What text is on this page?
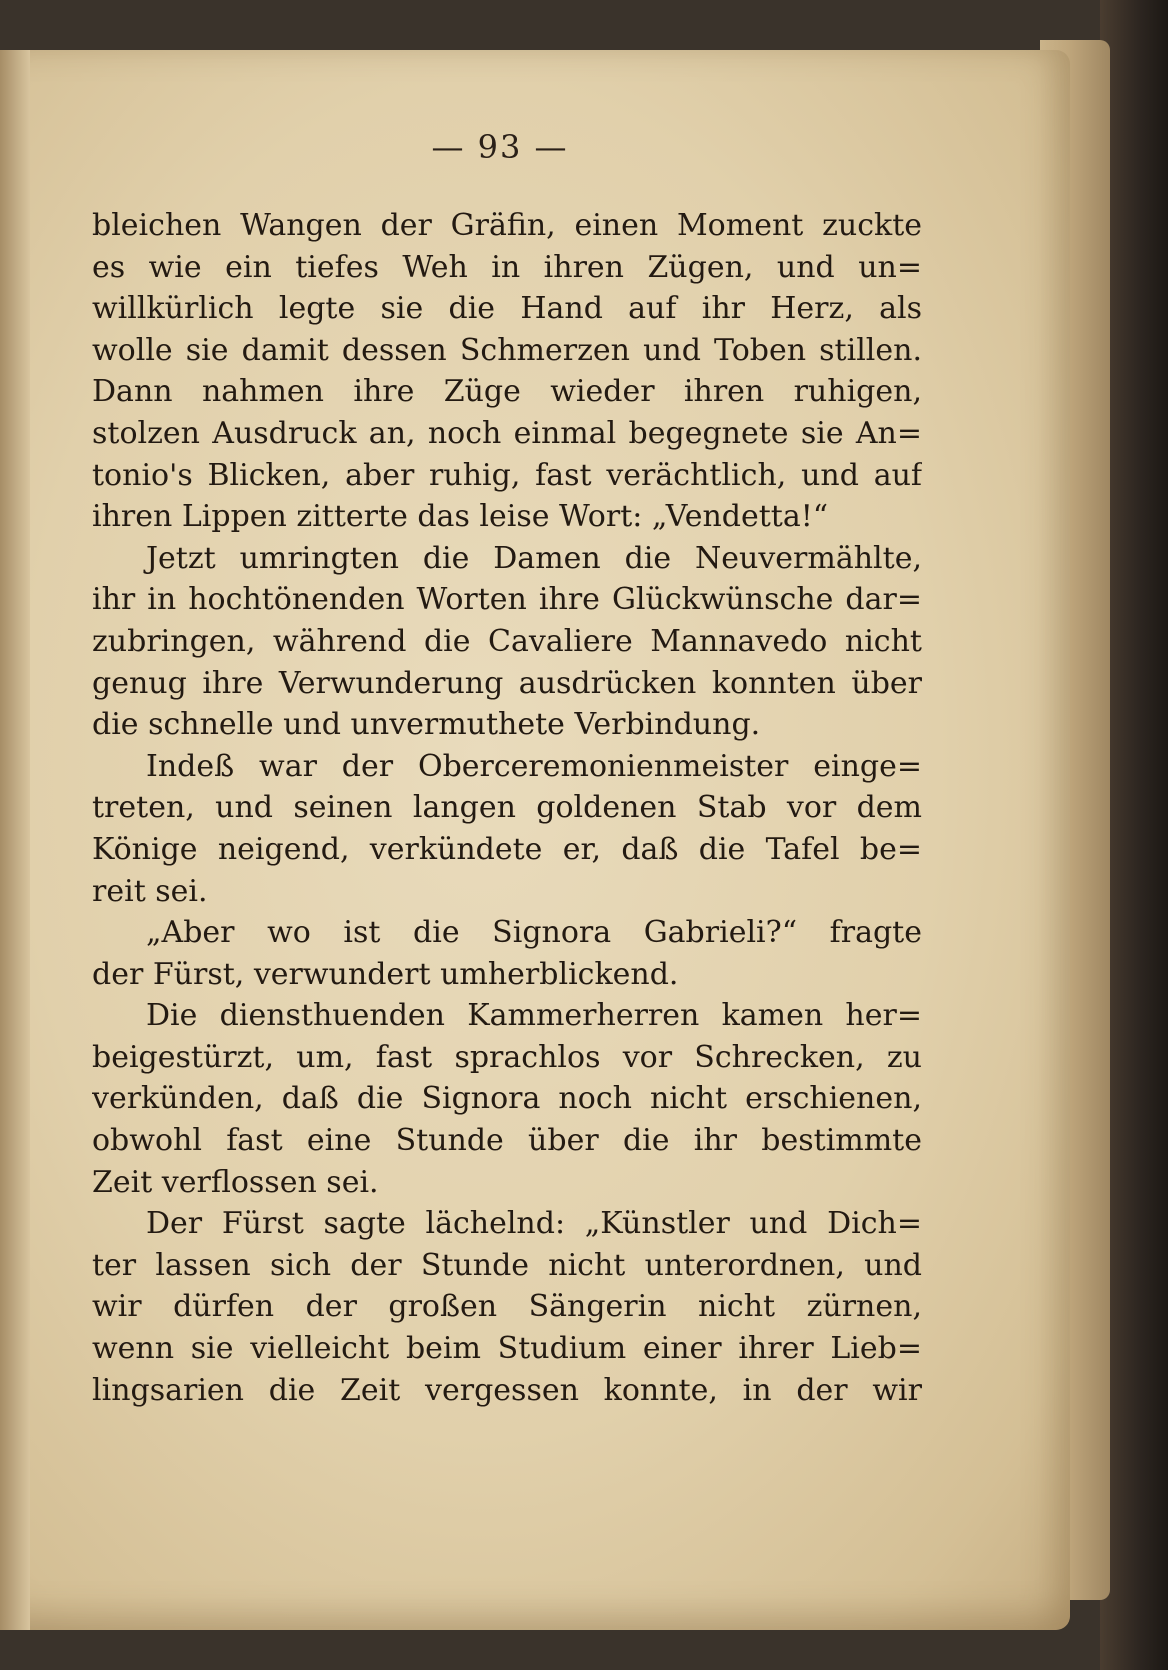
— 93 —
bleichen Wangen der Gräfin, einen Moment zuckte
es wie ein tiefes Weh in ihren Zügen, und un=
willkürlich legte sie die Hand auf ihr Herz, als
wolle sie damit dessen Schmerzen und Toben stillen.
Dann nahmen ihre Züge wieder ihren ruhigen,
stolzen Ausdruck an, noch einmal begegnete sie An=
tonio's Blicken, aber ruhig, fast verächtlich, und auf
ihren Lippen zitterte das leise Wort: „Vendetta!“
Jetzt umringten die Damen die Neuvermählte,
ihr in hochtönenden Worten ihre Glückwünsche dar=
zubringen, während die Cavaliere Mannavedo nicht
genug ihre Verwunderung ausdrücken konnten über
die schnelle und unvermuthete Verbindung.
Indeß war der Oberceremonienmeister einge=
treten, und seinen langen goldenen Stab vor dem
Könige neigend, verkündete er, daß die Tafel be=
reit sei.
„Aber wo ist die Signora Gabrieli?“ fragte
der Fürst, verwundert umherblickend.
Die diensthuenden Kammerherren kamen her=
beigestürzt, um, fast sprachlos vor Schrecken, zu
verkünden, daß die Signora noch nicht erschienen,
obwohl fast eine Stunde über die ihr bestimmte
Zeit verflossen sei.
Der Fürst sagte lächelnd: „Künstler und Dich=
ter lassen sich der Stunde nicht unterordnen, und
wir dürfen der großen Sängerin nicht zürnen,
wenn sie vielleicht beim Studium einer ihrer Lieb=
lingsarien die Zeit vergessen konnte, in der wir
